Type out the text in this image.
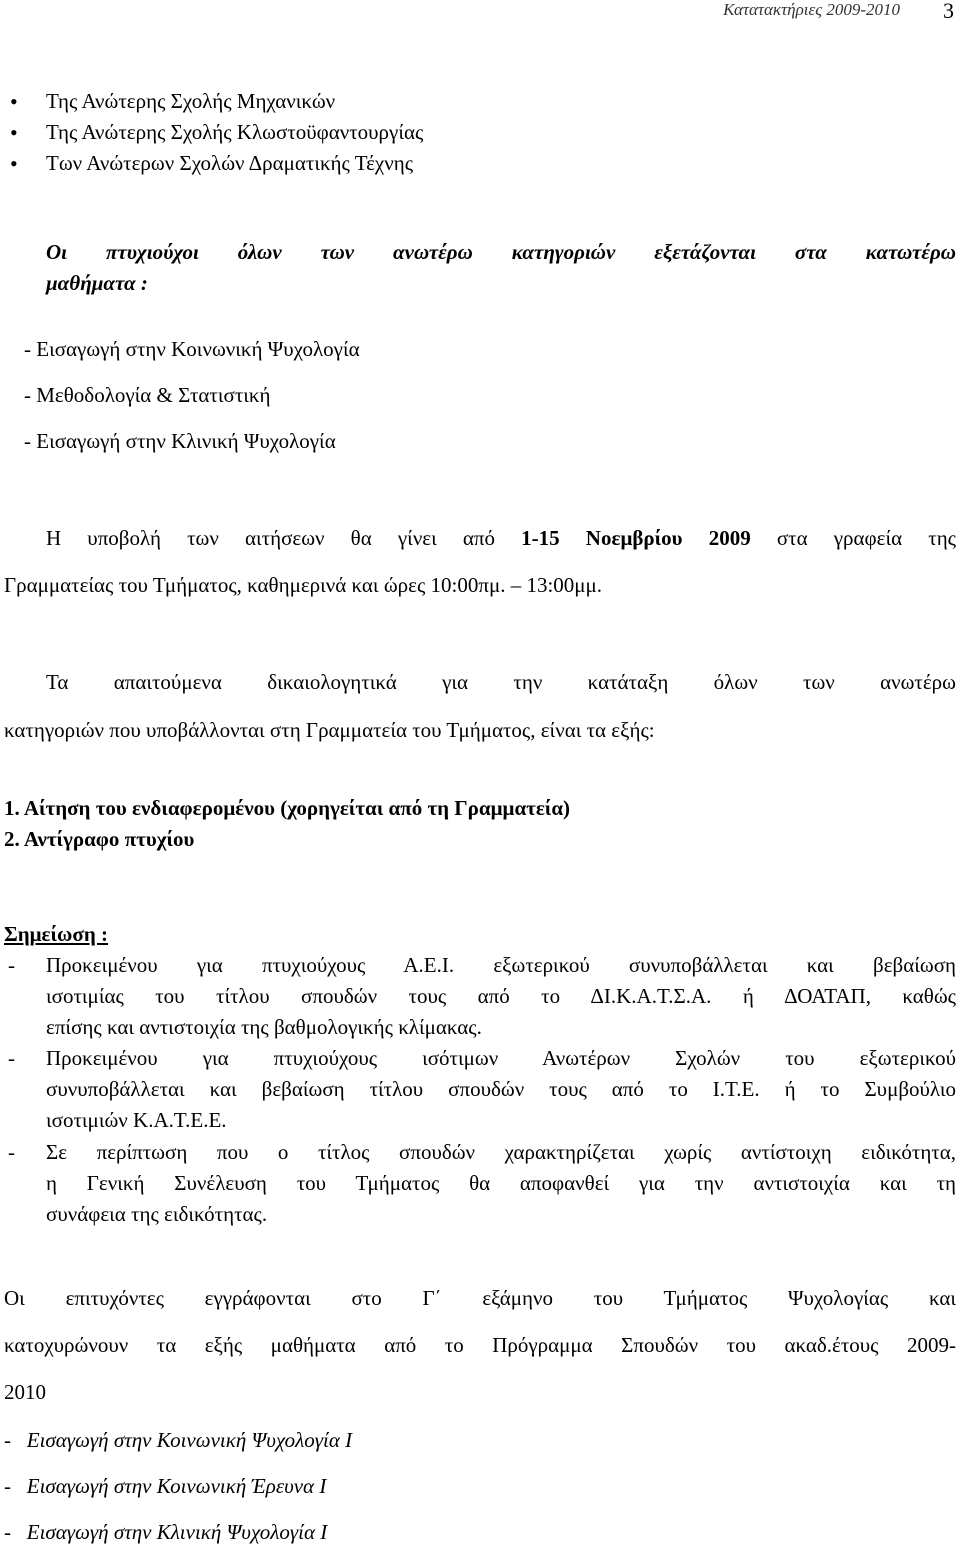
Κατατακτήριες 2009-2010 3
• Της Ανώτερης Σχολής Μηχανικών
• Της Ανώτερης Σχολής Κλωστοϋφαντουργίας
• Των Ανώτερων Σχολών Δραματικής Τέχνης
Οι πτυχιούχοι όλων των ανωτέρω κατηγοριών εξετάζονται στα κατωτέρω
μαθήματα :
- Εισαγωγή στην Κοινωνική Ψυχολογία
- Μεθοδολογία & Στατιστική
- Εισαγωγή στην Κλινική Ψυχολογία
Η υποβολή των αιτήσεων θα γίνει από 1-15 Νοεμβρίου 2009 στα γραφεία της
Γραμματείας του Τμήματος, καθημερινά και ώρες 10:00πμ. – 13:00μμ.
Τα απαιτούμενα δικαιολογητικά για την κατάταξη όλων των ανωτέρω
κατηγοριών που υποβάλλονται στη Γραμματεία του Τμήματος, είναι τα εξής:
1. Αίτηση του ενδιαφερομένου (χορηγείται από τη Γραμματεία)
2. Αντίγραφο πτυχίου
Σημείωση :
- Προκειμένου για πτυχιούχους Α.Ε.Ι. εξωτερικού συνυποβάλλεται και βεβαίωση
ισοτιμίας του τίτλου σπουδών τους από το ΔΙ.Κ.Α.Τ.Σ.Α. ή ΔΟΑΤΑΠ, καθώς
επίσης και αντιστοιχία της βαθμολογικής κλίμακας.
- Προκειμένου για πτυχιούχους ισότιμων Ανωτέρων Σχολών του εξωτερικού
συνυποβάλλεται και βεβαίωση τίτλου σπουδών τους από το Ι.Τ.Ε. ή το Συμβούλιο
ισοτιμιών Κ.Α.Τ.Ε.Ε.
- Σε περίπτωση που ο τίτλος σπουδών χαρακτηρίζεται χωρίς αντίστοιχη ειδικότητα,
η Γενική Συνέλευση του Τμήματος θα αποφανθεί για την αντιστοιχία και τη
συνάφεια της ειδικότητας.
Οι επιτυχόντες εγγράφονται στο Γ΄ εξάμηνο του Τμήματος Ψυχολογίας και
κατοχυρώνουν τα εξής μαθήματα από το Πρόγραμμα Σπουδών του ακαδ.έτους 2009-
2010
-   Εισαγωγή στην Κοινωνική Ψυχολογία Ι
-   Εισαγωγή στην Κοινωνική Έρευνα Ι
-   Εισαγωγή στην Κλινική Ψυχολογία Ι
